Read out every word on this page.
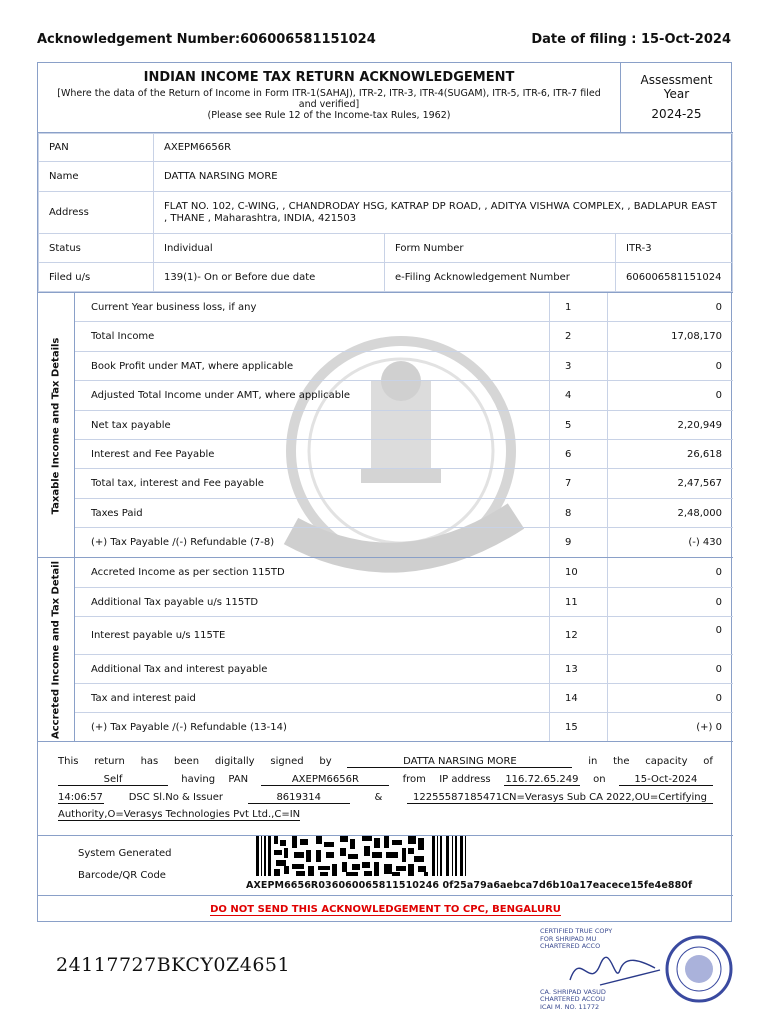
Acknowledgement Number:606006581151024	Date of filing : 15-Oct-2024
INDIAN INCOME TAX RETURN ACKNOWLEDGEMENT
[Where the data of the Return of Income in Form ITR-1(SAHAJ), ITR-2, ITR-3, ITR-4(SUGAM), ITR-5, ITR-6, ITR-7 filed and verified]
(Please see Rule 12 of the Income-tax Rules, 1962)
Assessment Year
2024-25
PAN	AXEPM6656R		
Name	DATTA NARSING MORE		
Address	FLAT NO. 102, C-WING, , CHANDRODAY HSG, KATRAP DP ROAD, , ADITYA VISHWA COMPLEX, , BADLAPUR EAST , THANE , Maharashtra, INDIA, 421503		
Status	Individual	Form Number	ITR-3
Filed u/s	139(1)- On or Before due date	e-Filing Acknowledgement Number	606006581151024
Taxable Income and Tax Details
Current Year business loss, if any	1	0
Total Income	2	17,08,170
Book Profit under MAT, where applicable	3	0
Adjusted Total Income under AMT, where applicable	4	0
Net tax payable	5	2,20,949
Interest and Fee Payable	6	26,618
Total tax, interest and Fee payable	7	2,47,567
Taxes Paid	8	2,48,000
(+) Tax Payable /(-) Refundable (7-8)	9	(-) 430
Accreted Income and Tax Detail	Accreted Income as per section 115TD	10	0
Additional Tax payable u/s 115TD	11	0
Interest payable u/s 115TE	12	0
Additional Tax and interest payable	13	0
Tax and interest paid	14	0
(+) Tax Payable /(-) Refundable (13-14)	15	(+) 0
This return has been digitally signed by	DATTA NARSING MORE	in the capacity of
Self	having PAN	AXEPM6656R	from IP address 116.72.65.249 on	15-Oct-2024
14:06:57	DSC Sl.No & Issuer	8619314	&	12255587185471CN=Verasys Sub CA 2022,OU=Certifying
Authority,O=Verasys Technologies Pvt Ltd.,C=IN
System Generated
Barcode/QR Code
AXEPM6656R036060065811510246 0f25a79a6aebca7d6b10a17eacece15fe4e880f
DO NOT SEND THIS ACKNOWLEDGEMENT TO CPC, BENGALURU
24117727BKCY0Z4651
CERTIFIED TRUE COPY
FOR SHRIPAD MU
CHARTERED ACCO
CA. SHRIPAD VASUD
CHARTERED ACCOU
ICAI M. NO. 11772
